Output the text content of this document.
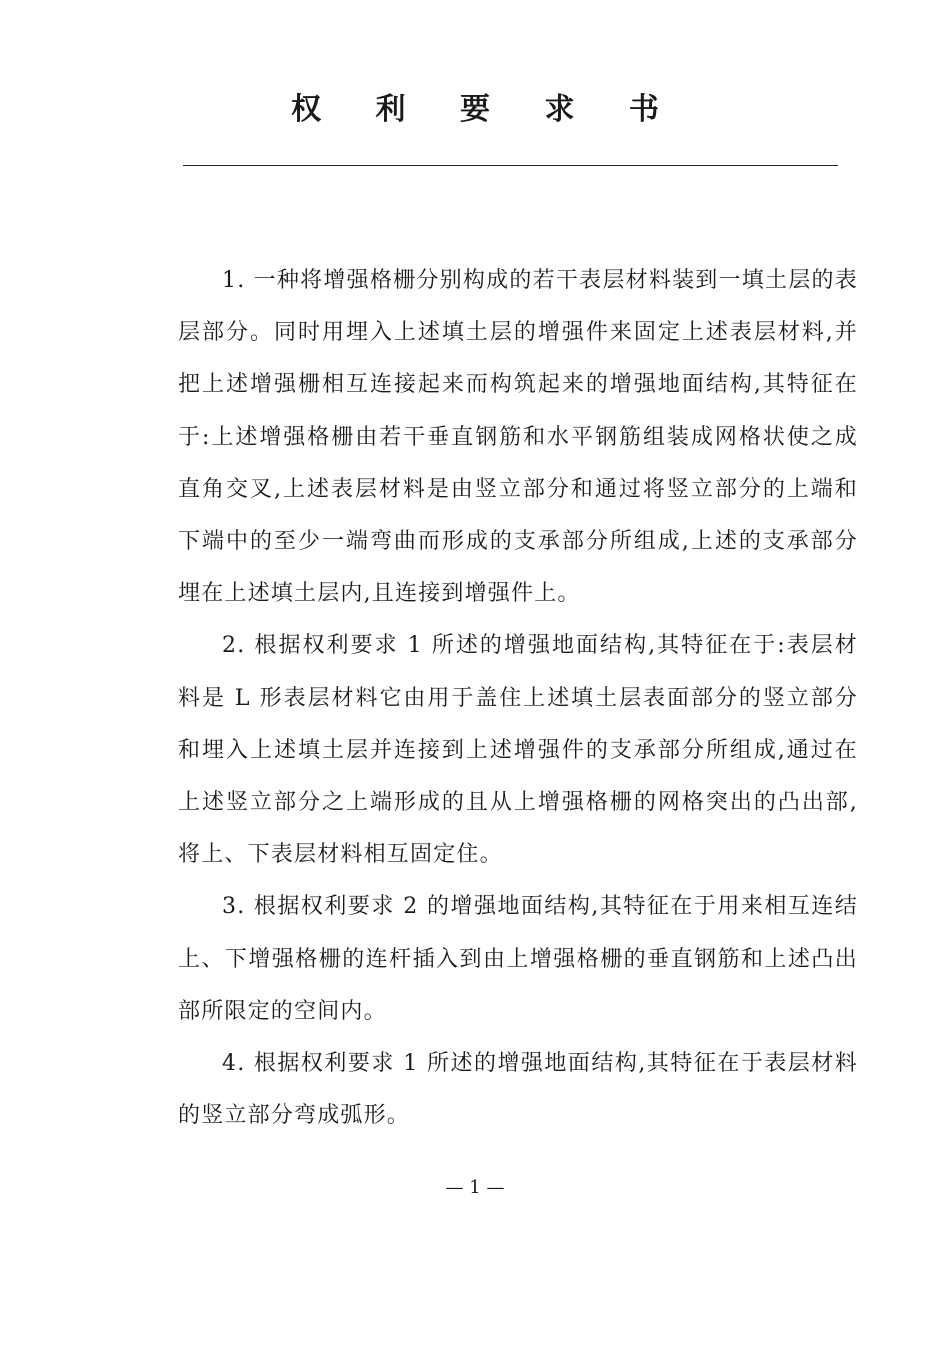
权 利 要 求 书

1. 一种将增强格栅分别构成的若干表层材料装到一填土层的表层部分。同时用埋入上述填土层的增强件来固定上述表层材料,并把上述增强栅相互连接起来而构筑起来的增强地面结构,其特征在于:上述增强格栅由若干垂直钢筋和水平钢筋组装成网格状使之成直角交叉,上述表层材料是由竖立部分和通过将竖立部分的上端和下端中的至少一端弯曲而形成的支承部分所组成,上述的支承部分埋在上述填土层内,且连接到增强件上。

2. 根据权利要求 1 所述的增强地面结构,其特征在于:表层材料是 L 形表层材料它由用于盖住上述填土层表面部分的竖立部分和埋入上述填土层并连接到上述增强件的支承部分所组成,通过在上述竖立部分之上端形成的且从上增强格栅的网格突出的凸出部,将上、下表层材料相互固定住。

3. 根据权利要求 2 的增强地面结构,其特征在于用来相互连结上、下增强格栅的连杆插入到由上增强格栅的垂直钢筋和上述凸出部所限定的空间内。

4. 根据权利要求 1 所述的增强地面结构,其特征在于表层材料的竖立部分弯成弧形。

— 1 —
